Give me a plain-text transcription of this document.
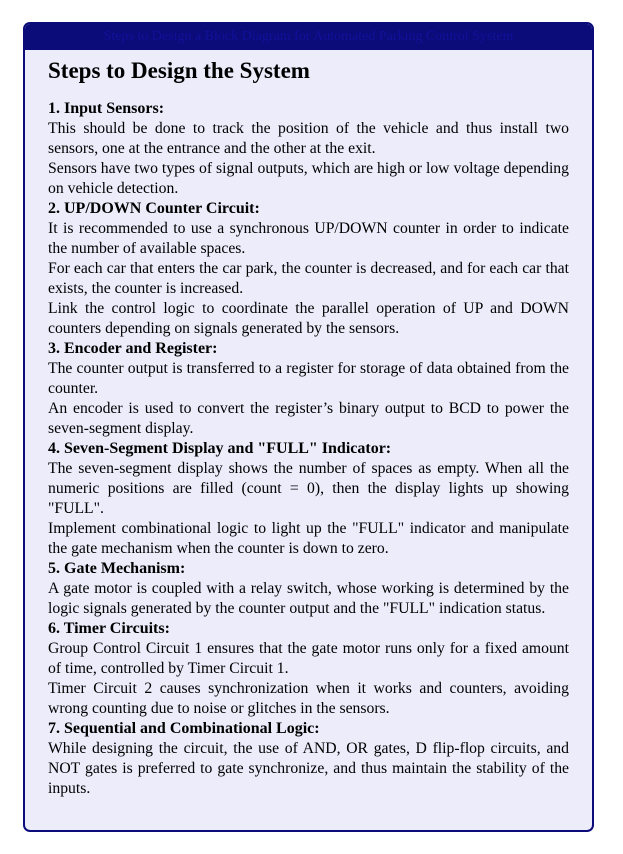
Steps to Design a Block Diagram for Automated Parking Control System
Steps to Design the System
1. Input Sensors:

This should be done to track the position of the vehicle and thus install two sensors, one at the entrance and the other at the exit.

Sensors have two types of signal outputs, which are high or low voltage depending on vehicle detection.

2. UP/DOWN Counter Circuit:

It is recommended to use a synchronous UP/DOWN counter in order to indicate the number of available spaces.

For each car that enters the car park, the counter is decreased, and for each car that exists, the counter is increased.

Link the control logic to coordinate the parallel operation of UP and DOWN counters depending on signals generated by the sensors.

3. Encoder and Register:

The counter output is transferred to a register for storage of data obtained from the counter.

An encoder is used to convert the register’s binary output to BCD to power the seven-segment display.

4. Seven-Segment Display and "FULL" Indicator:

The seven-segment display shows the number of spaces as empty. When all the numeric positions are filled (count = 0), then the display lights up showing "FULL".

Implement combinational logic to light up the "FULL" indicator and manipulate the gate mechanism when the counter is down to zero.

5. Gate Mechanism:

A gate motor is coupled with a relay switch, whose working is determined by the logic signals generated by the counter output and the "FULL" indication status.

6. Timer Circuits:

Group Control Circuit 1 ensures that the gate motor runs only for a fixed amount of time, controlled by Timer Circuit 1.

Timer Circuit 2 causes synchronization when it works and counters, avoiding wrong counting due to noise or glitches in the sensors.

7. Sequential and Combinational Logic:

While designing the circuit, the use of AND, OR gates, D flip-flop circuits, and NOT gates is preferred to gate synchronize, and thus maintain the stability of the inputs.
